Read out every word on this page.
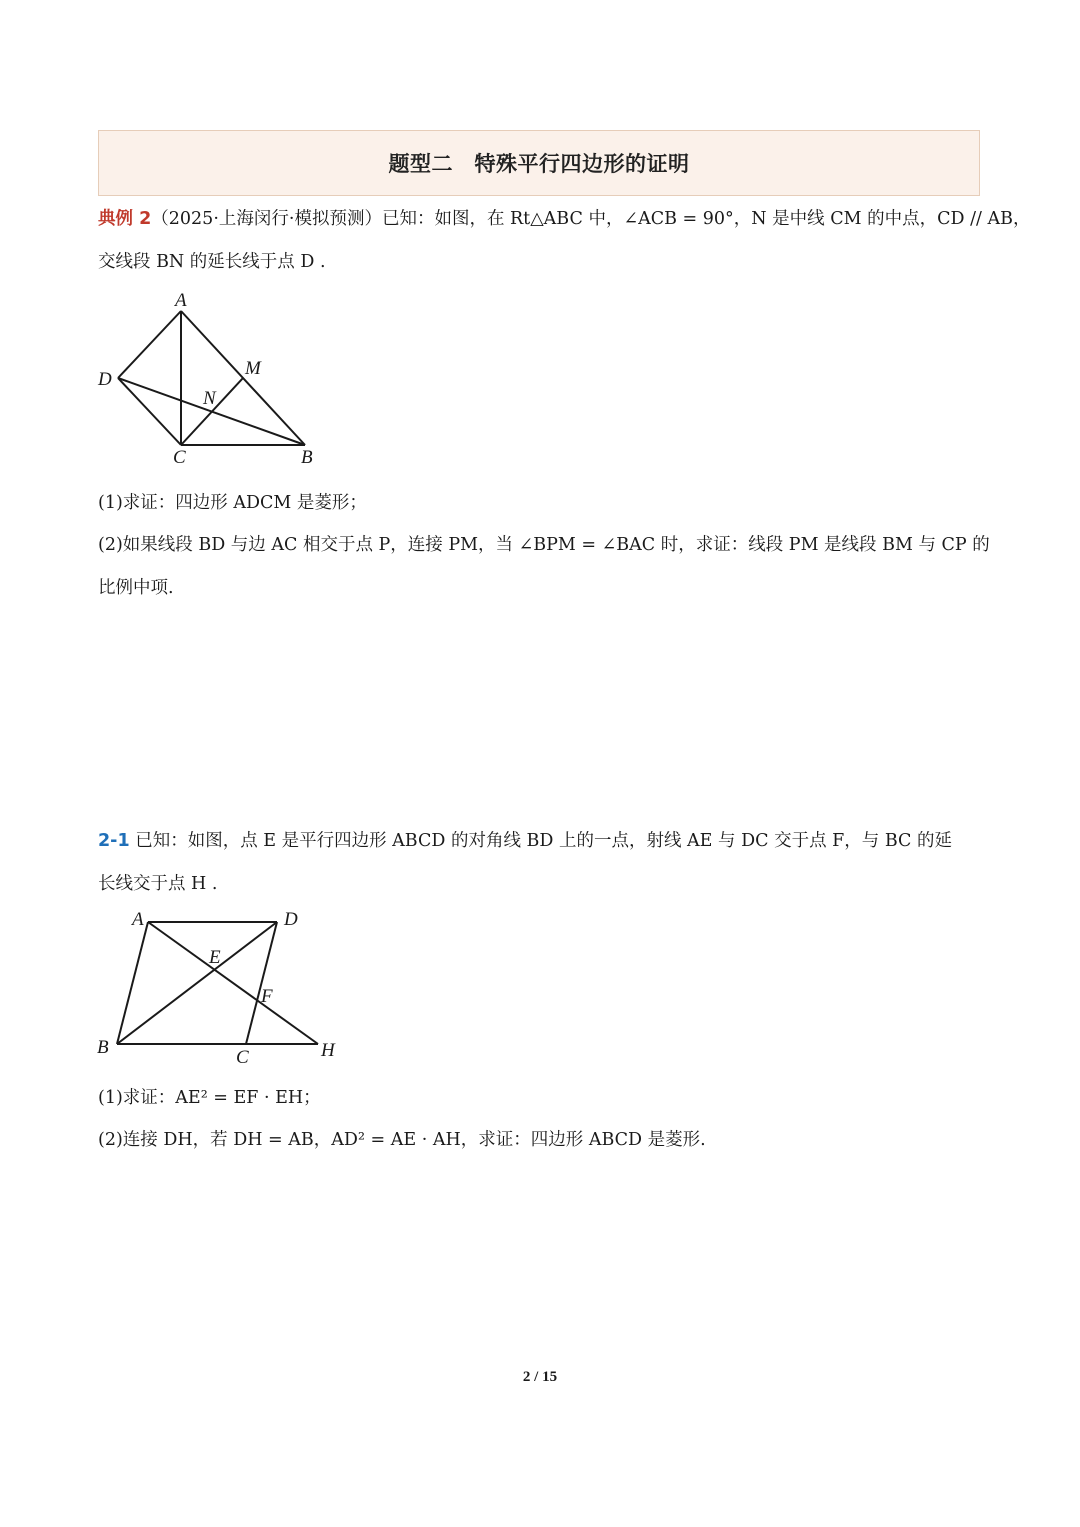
题型二　特殊平行四边形的证明
典例 2（2025·上海闵行·模拟预测）已知：如图，在 Rt△ABC 中，∠ACB = 90°，N 是中线 CM 的中点，CD // AB，
交线段 BN 的延长线于点 D .
A
D
M
N
C	B
(1)求证：四边形 ADCM 是菱形；
(2)如果线段 BD 与边 AC 相交于点 P，连接 PM，当 ∠BPM = ∠BAC 时，求证：线段 PM 是线段 BM 与 CP 的
比例中项.
2-1 已知：如图，点 E 是平行四边形 ABCD 的对角线 BD 上的一点，射线 AE 与 DC 交于点 F，与 BC 的延
长线交于点 H .
A	D
E
F
B	C	H
(1)求证：AE² = EF · EH；
(2)连接 DH，若 DH = AB，AD² = AE · AH，求证：四边形 ABCD 是菱形.
2 / 15
